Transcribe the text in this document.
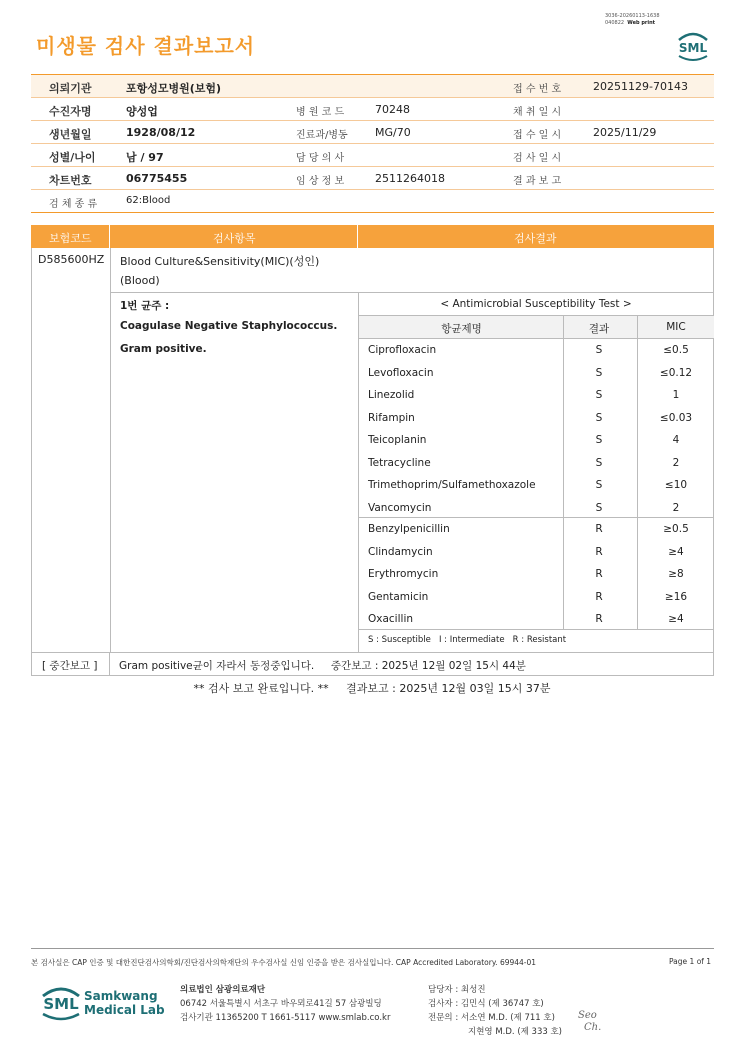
미생물 검사 결과보고서
3036-20260113-1638
040822 Web print
SML
의뢰기관	포항성모병원(보험)	접 수 번 호	20251129-70143
수진자명	양성업	병 원 코 드	70248	채 취 일 시
생년월일	1928/08/12	진료과/병동 MG/70	접 수 일 시	2025/11/29
성별/나이	남 / 97	담 당 의 사	검 사 일 시
차트번호	06775455	임 상 정 보	2511264018	결 과 보 고
검 체 종 류	62:Blood
보험코드	검사항목	검사결과
D585600HZ Blood Culture&Sensitivity(MIC)(성인)
(Blood)
1번 균주 :
Coagulase Negative Staphylococcus.
Gram positive.
< Antimicrobial Susceptibility Test >
항균제명	결과	MIC
Ciprofloxacin	S	≤0.5
Levofloxacin	S	≤0.12
Linezolid	S	1
Rifampin	S	≤0.03
Teicoplanin	S	4
Tetracycline	S	2
Trimethoprim/Sulfamethoxazole	S	≤10
Vancomycin	S	2
Benzylpenicillin	R	≥0.5
Clindamycin	R	≥4
Erythromycin	R	≥8
Gentamicin	R	≥16
Oxacillin	R	≥4
S : Susceptible   I : Intermediate   R : Resistant
[ 중간보고 ] Gram positive균이 자라서 동정중입니다.     중간보고 : 2025년 12월 02일 15시 44분
** 검사 보고 완료입니다. **     결과보고 : 2025년 12월 03일 15시 37분
본 검사실은 CAP 인증 및 대한진단검사의학회/진단검사의학재단의 우수검사실 신임 인증을 받은 검사실입니다. CAP Accredited Laboratory. 69944-01	Page 1 of 1
SML Samkwang
Medical Lab
의료법인 삼광의료재단
06742 서울특별시 서초구 바우뫼로41길 57 삼광빌딩
검사기관 11365200 T 1661-5117 www.smlab.co.kr
담당자 : 최성진
검사자 : 김민식 (제 36747 호)
전문의 : 서소연 M.D. (제 711 호)
지현영 M.D. (제 333 호)
Seo
Ch.
